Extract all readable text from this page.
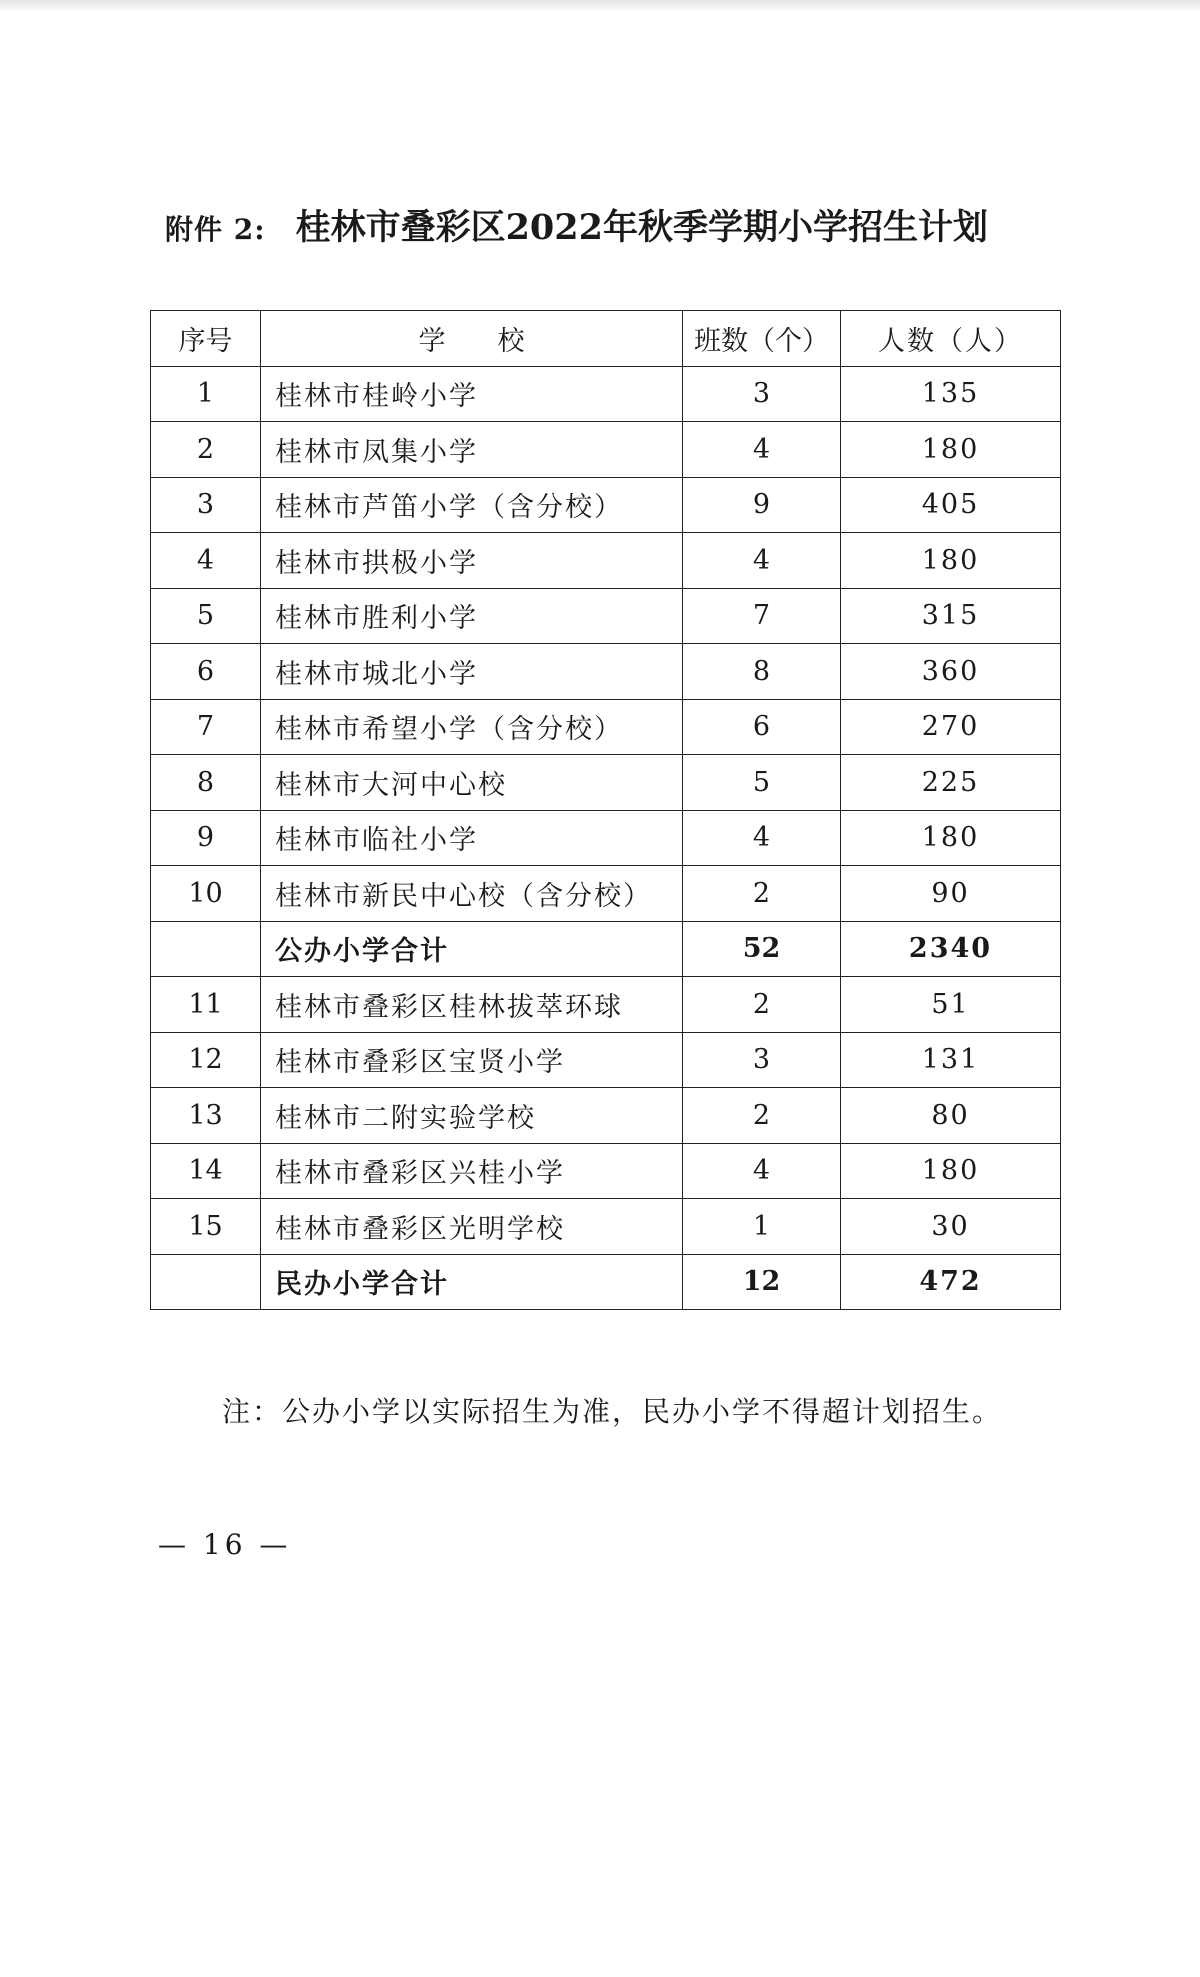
附件 2: 桂林市叠彩区2022年秋季学期小学招生计划
序号	学校	班数（个）	人数（人）
1	桂林市桂岭小学	3	135
2	桂林市凤集小学	4	180
3	桂林市芦笛小学（含分校）	9	405
4	桂林市拱极小学	4	180
5	桂林市胜利小学	7	315
6	桂林市城北小学	8	360
7	桂林市希望小学（含分校）	6	270
8	桂林市大河中心校	5	225
9	桂林市临社小学	4	180
10	桂林市新民中心校（含分校）	2	90
	公办小学合计	52	2340
11	桂林市叠彩区桂林拔萃环球	2	51
12	桂林市叠彩区宝贤小学	3	131
13	桂林市二附实验学校	2	80
14	桂林市叠彩区兴桂小学	4	180
15	桂林市叠彩区光明学校	1	30
	民办小学合计	12	472
注：公办小学以实际招生为准，民办小学不得超计划招生。
— 16 —
